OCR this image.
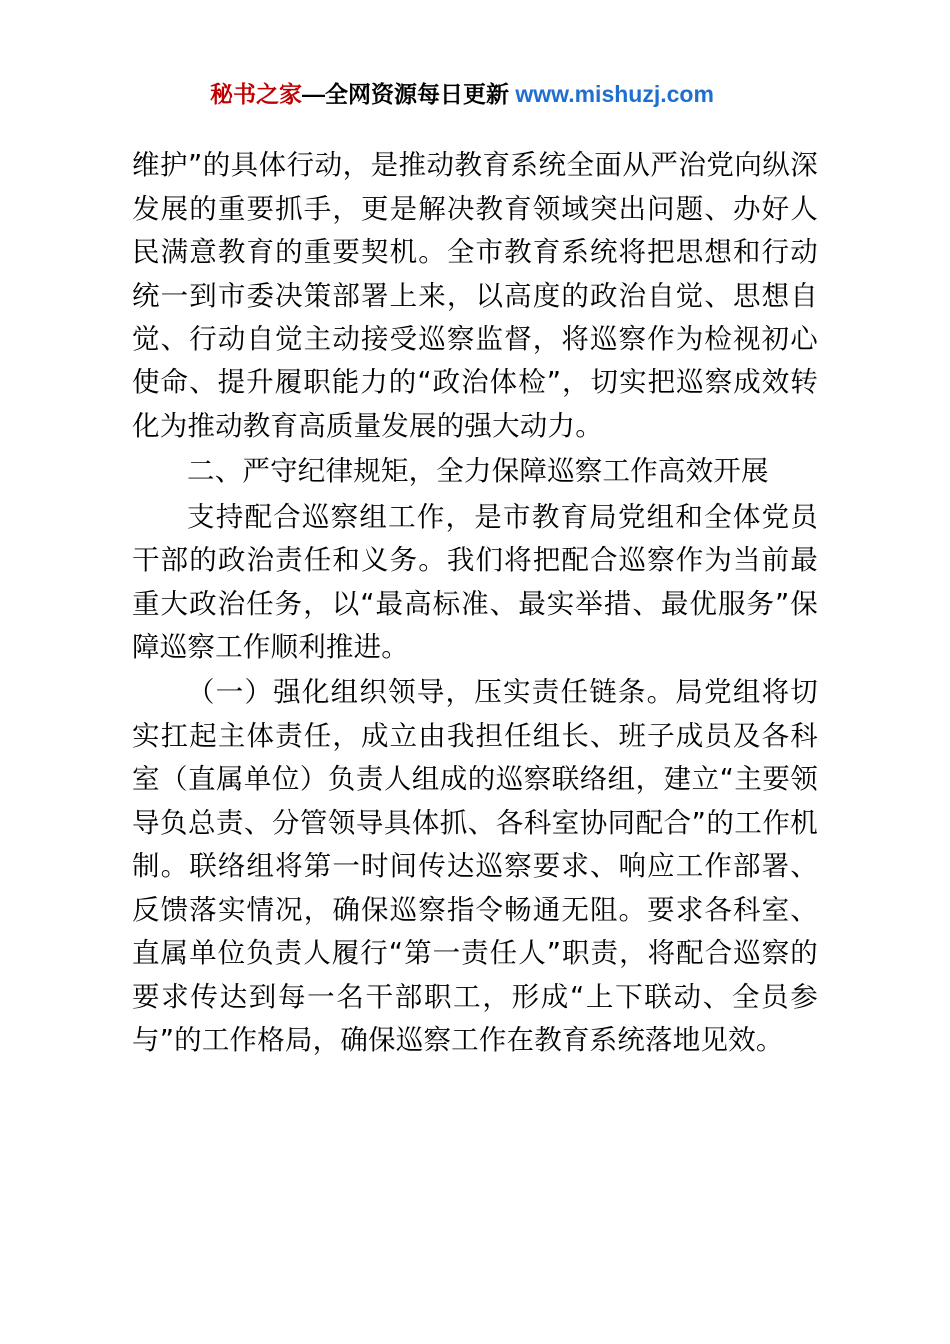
秘书之家—全网资源每日更新 www.mishuzj.com

维护”的具体行动，是推动教育系统全面从严治党向纵深发展的重要抓手，更是解决教育领域突出问题、办好人民满意教育的重要契机。全市教育系统将把思想和行动统一到市委决策部署上来，以高度的政治自觉、思想自觉、行动自觉主动接受巡察监督，将巡察作为检视初心使命、提升履职能力的“政治体检”，切实把巡察成效转化为推动教育高质量发展的强大动力。

二、严守纪律规矩，全力保障巡察工作高效开展

支持配合巡察组工作，是市教育局党组和全体党员干部的政治责任和义务。我们将把配合巡察作为当前最重大政治任务，以“最高标准、最实举措、最优服务”保障巡察工作顺利推进。

（一）强化组织领导，压实责任链条。局党组将切实扛起主体责任，成立由我担任组长、班子成员及各科室（直属单位）负责人组成的巡察联络组，建立“主要领导负总责、分管领导具体抓、各科室协同配合”的工作机制。联络组将第一时间传达巡察要求、响应工作部署、反馈落实情况，确保巡察指令畅通无阻。要求各科室、直属单位负责人履行“第一责任人”职责，将配合巡察的要求传达到每一名干部职工，形成“上下联动、全员参与”的工作格局，确保巡察工作在教育系统落地见效。
